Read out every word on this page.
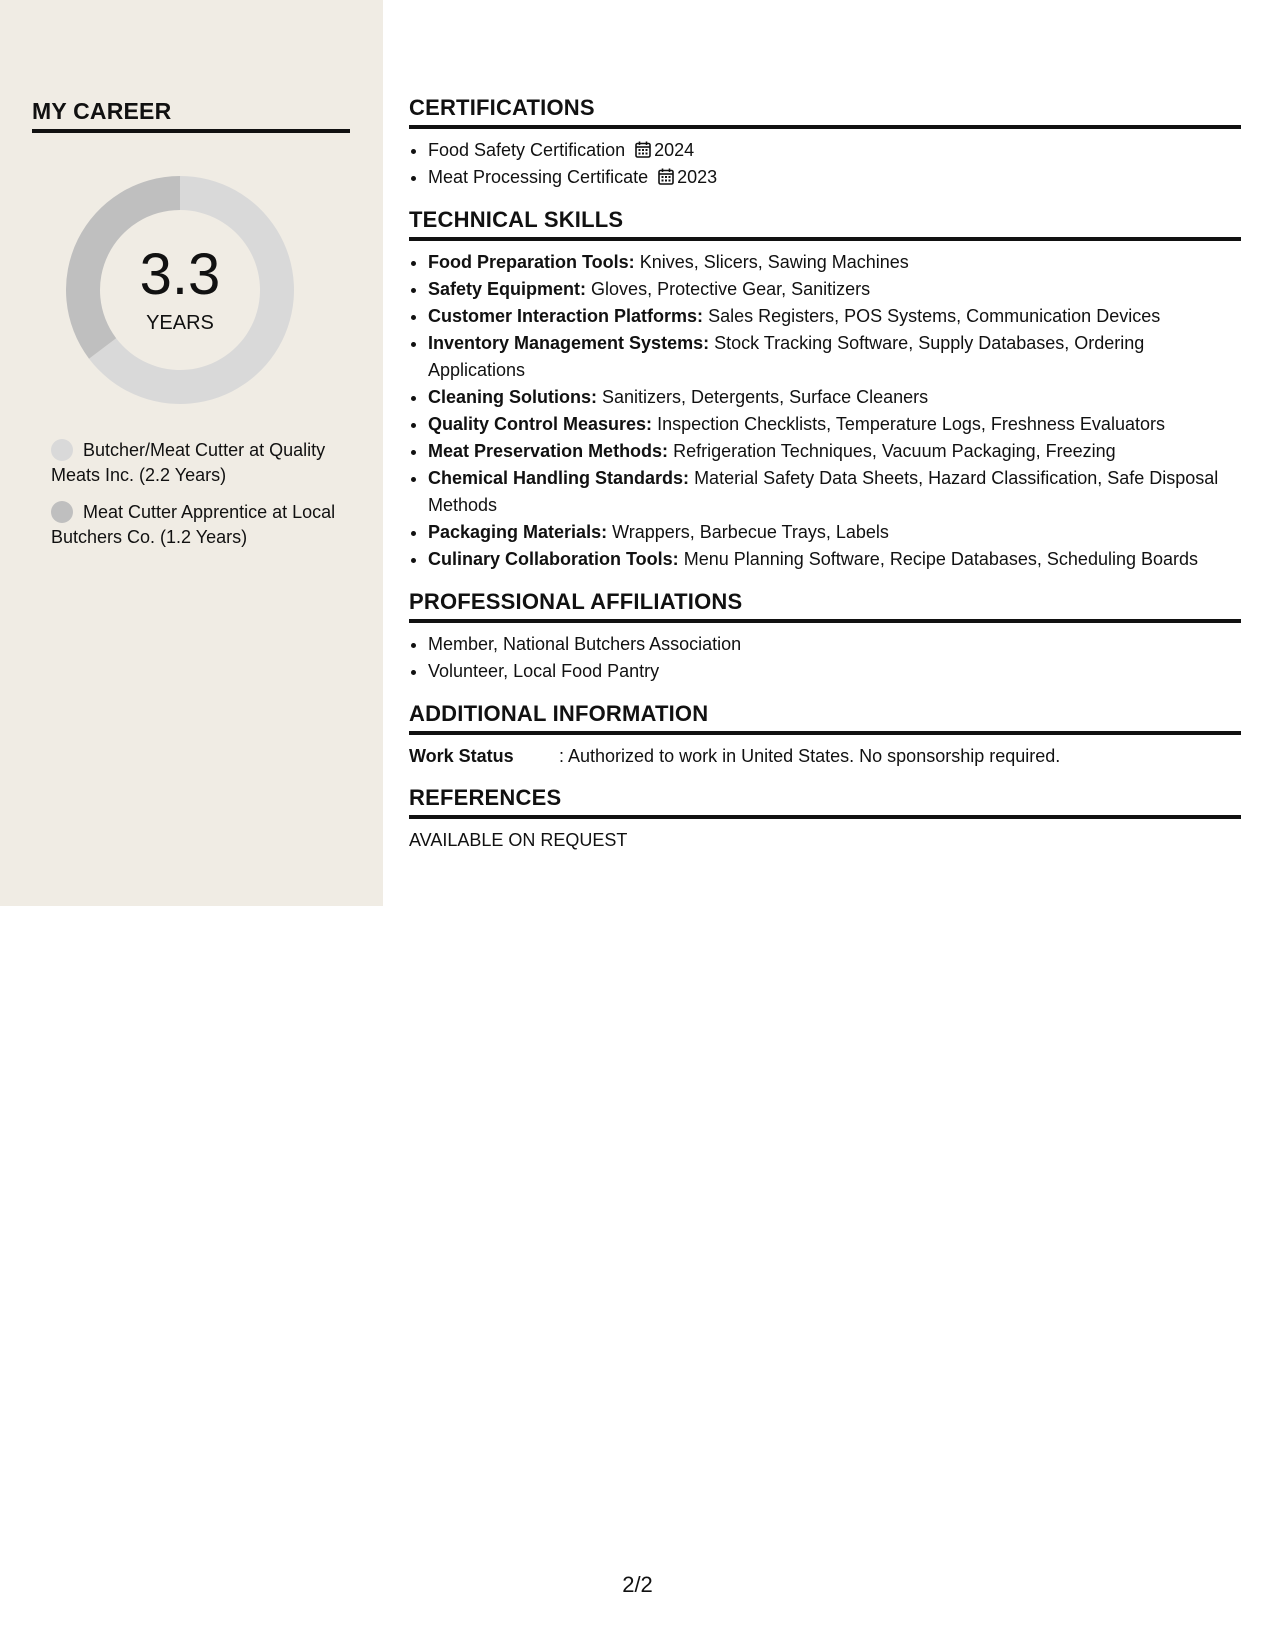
MY CAREER
3.3
YEARS
Butcher/Meat Cutter at Quality Meats Inc. (2.2 Years)
Meat Cutter Apprentice at Local Butchers Co. (1.2 Years)
CERTIFICATIONS
• Food Safety Certification 2024
• Meat Processing Certificate 2023
TECHNICAL SKILLS
• Food Preparation Tools: Knives, Slicers, Sawing Machines
• Safety Equipment: Gloves, Protective Gear, Sanitizers
• Customer Interaction Platforms: Sales Registers, POS Systems, Communication Devices
• Inventory Management Systems: Stock Tracking Software, Supply Databases, Ordering Applications
• Cleaning Solutions: Sanitizers, Detergents, Surface Cleaners
• Quality Control Measures: Inspection Checklists, Temperature Logs, Freshness Evaluators
• Meat Preservation Methods: Refrigeration Techniques, Vacuum Packaging, Freezing
• Chemical Handling Standards: Material Safety Data Sheets, Hazard Classification, Safe Disposal Methods
• Packaging Materials: Wrappers, Barbecue Trays, Labels
• Culinary Collaboration Tools: Menu Planning Software, Recipe Databases, Scheduling Boards
PROFESSIONAL AFFILIATIONS
• Member, National Butchers Association
• Volunteer, Local Food Pantry
ADDITIONAL INFORMATION
Work Status	: Authorized to work in United States. No sponsorship required.
REFERENCES
AVAILABLE ON REQUEST
2/2
